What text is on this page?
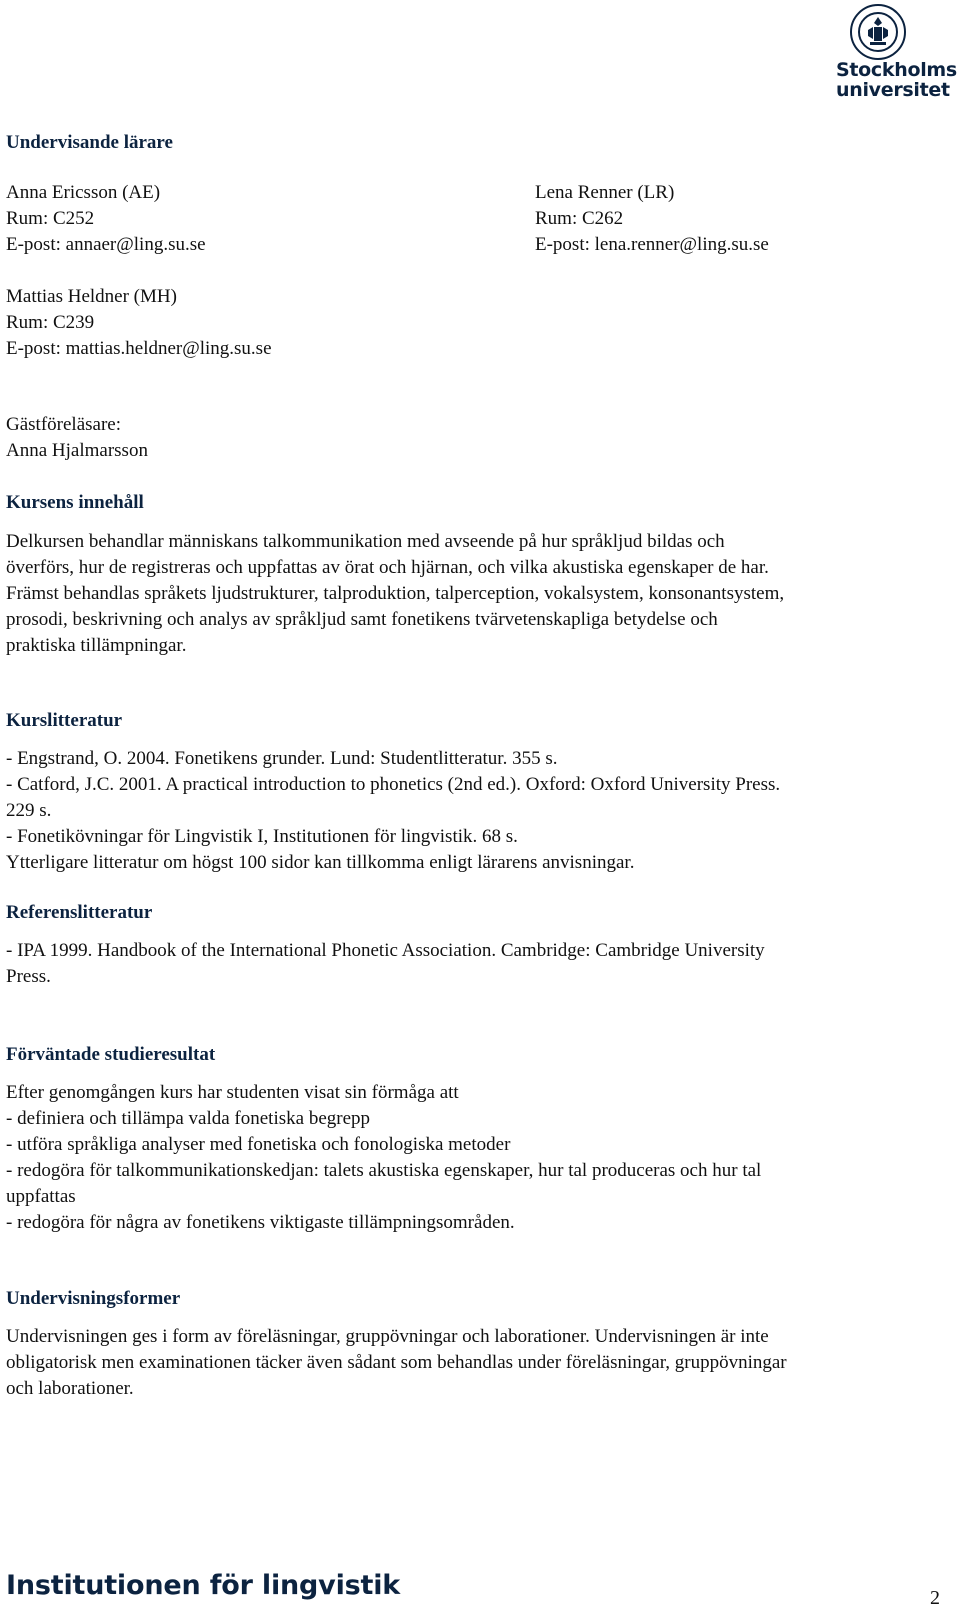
Stockholms
universitet
Undervisande lärare
Anna Ericsson (AE)
Rum: C252
E-post: annaer@ling.su.se
Lena Renner (LR)
Rum: C262
E-post: lena.renner@ling.su.se
Mattias Heldner (MH)
Rum: C239
E-post: mattias.heldner@ling.su.se
Gästföreläsare:
Anna Hjalmarsson
Kursens innehåll
Delkursen behandlar människans talkommunikation med avseende på hur språkljud bildas och
överförs, hur de registreras och uppfattas av örat och hjärnan, och vilka akustiska egenskaper de har.
Främst behandlas språkets ljudstrukturer, talproduktion, talperception, vokalsystem, konsonantsystem,
prosodi, beskrivning och analys av språkljud samt fonetikens tvärvetenskapliga betydelse och
praktiska tillämpningar.
Kurslitteratur
- Engstrand, O. 2004. Fonetikens grunder. Lund: Studentlitteratur. 355 s.
- Catford, J.C. 2001. A practical introduction to phonetics (2nd ed.). Oxford: Oxford University Press.
229 s.
- Fonetikövningar för Lingvistik I, Institutionen för lingvistik. 68 s.
Ytterligare litteratur om högst 100 sidor kan tillkomma enligt lärarens anvisningar.
Referenslitteratur
- IPA 1999. Handbook of the International Phonetic Association. Cambridge: Cambridge University
Press.
Förväntade studieresultat
Efter genomgången kurs har studenten visat sin förmåga att
- definiera och tillämpa valda fonetiska begrepp
- utföra språkliga analyser med fonetiska och fonologiska metoder
- redogöra för talkommunikationskedjan: talets akustiska egenskaper, hur tal produceras och hur tal
uppfattas
- redogöra för några av fonetikens viktigaste tillämpningsområden.
Undervisningsformer
Undervisningen ges i form av föreläsningar, gruppövningar och laborationer. Undervisningen är inte
obligatorisk men examinationen täcker även sådant som behandlas under föreläsningar, gruppövningar
och laborationer.
Institutionen för lingvistik	2
